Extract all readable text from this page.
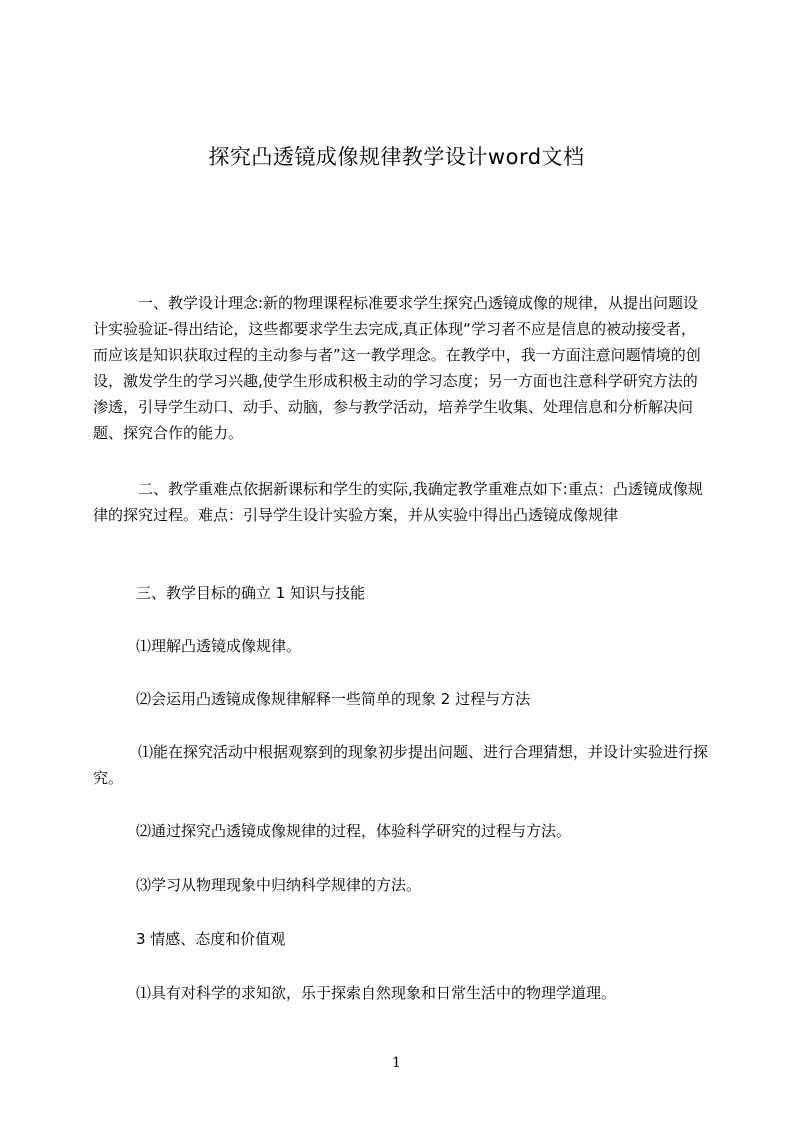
探究凸透镜成像规律教学设计word文档
一、教学设计理念:新的物理课程标准要求学生探究凸透镜成像的规律，从提出问题设计实验验证-得出结论，这些都要求学生去完成,真正体现“学习者不应是信息的被动接受者，而应该是知识获取过程的主动参与者”这一教学理念。在教学中，我一方面注意问题情境的创设，激发学生的学习兴趣,使学生形成积极主动的学习态度；另一方面也注意科学研究方法的渗透，引导学生动口、动手、动脑，参与教学活动，培养学生收集、处理信息和分析解决问题、探究合作的能力。
二、教学重难点依据新课标和学生的实际,我确定教学重难点如下:重点：凸透镜成像规律的探究过程。难点：引导学生设计实验方案，并从实验中得出凸透镜成像规律
三、教学目标的确立 1 知识与技能
⑴理解凸透镜成像规律。
⑵会运用凸透镜成像规律解释一些简单的现象 2 过程与方法
⑴能在探究活动中根据观察到的现象初步提出问题、进行合理猜想，并设计实验进行探究。
⑵通过探究凸透镜成像规律的过程，体验科学研究的过程与方法。
⑶学习从物理现象中归纳科学规律的方法。
3 情感、态度和价值观
⑴具有对科学的求知欲，乐于探索自然现象和日常生活中的物理学道理。
1
